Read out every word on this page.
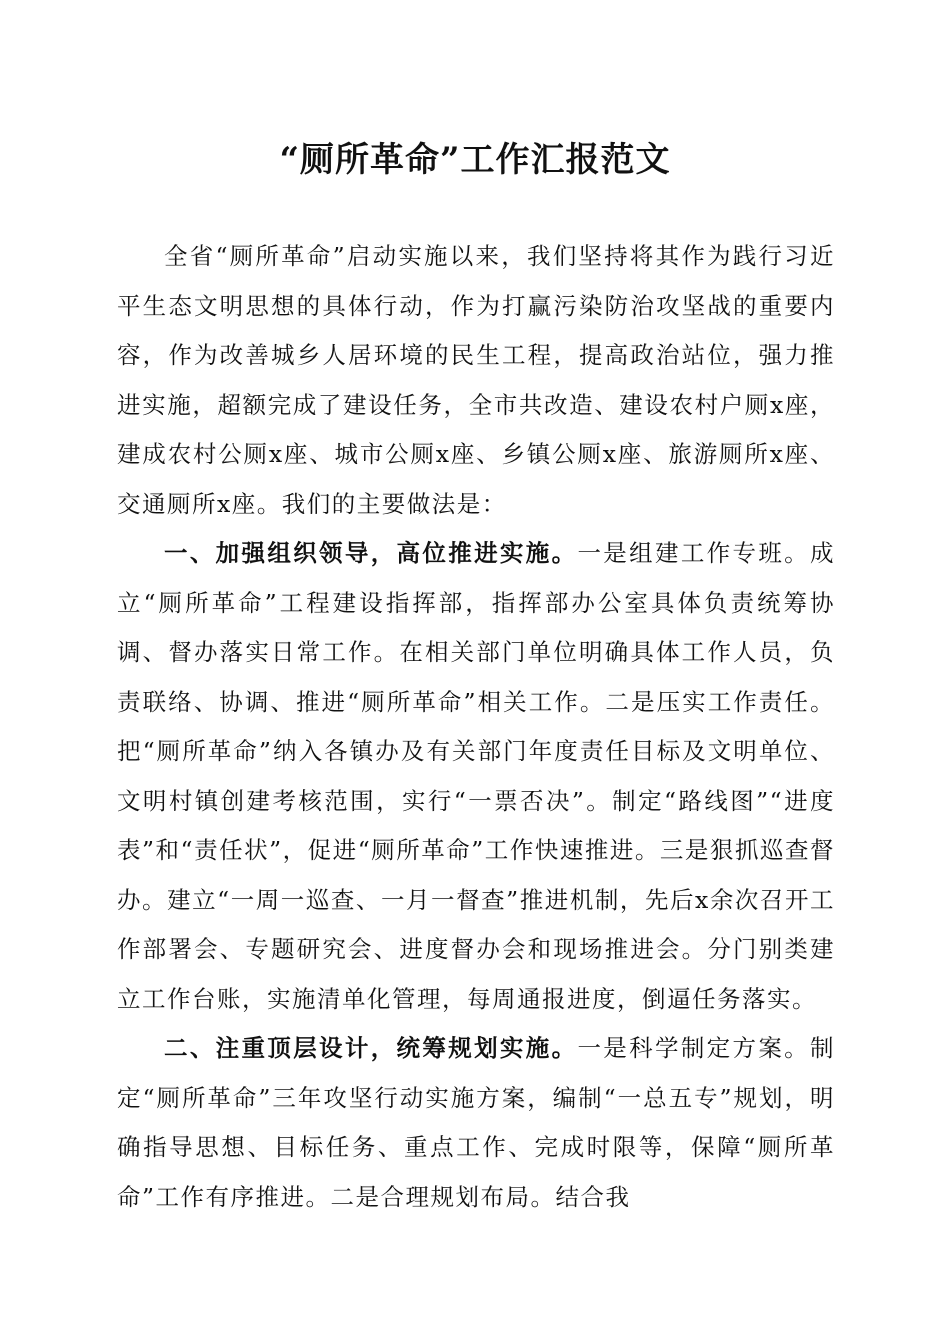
“厕所革命”工作汇报范文

全省“厕所革命”启动实施以来，我们坚持将其作为践行习近平生态文明思想的具体行动，作为打赢污染防治攻坚战的重要内容，作为改善城乡人居环境的民生工程，提高政治站位，强力推进实施，超额完成了建设任务，全市共改造、建设农村户厕x座，建成农村公厕x座、城市公厕x座、乡镇公厕x座、旅游厕所x座、交通厕所x座。我们的主要做法是：

一、加强组织领导，高位推进实施。一是组建工作专班。成立“厕所革命”工程建设指挥部，指挥部办公室具体负责统筹协调、督办落实日常工作。在相关部门单位明确具体工作人员，负责联络、协调、推进“厕所革命”相关工作。二是压实工作责任。把“厕所革命”纳入各镇办及有关部门年度责任目标及文明单位、文明村镇创建考核范围，实行“一票否决”。制定“路线图”“进度表”和“责任状”，促进“厕所革命”工作快速推进。三是狠抓巡查督办。建立“一周一巡查、一月一督查”推进机制，先后x余次召开工作部署会、专题研究会、进度督办会和现场推进会。分门别类建立工作台账，实施清单化管理，每周通报进度，倒逼任务落实。

二、注重顶层设计，统筹规划实施。一是科学制定方案。制定“厕所革命”三年攻坚行动实施方案，编制“一总五专”规划，明确指导思想、目标任务、重点工作、完成时限等，保障“厕所革命”工作有序推进。二是合理规划布局。结合我
